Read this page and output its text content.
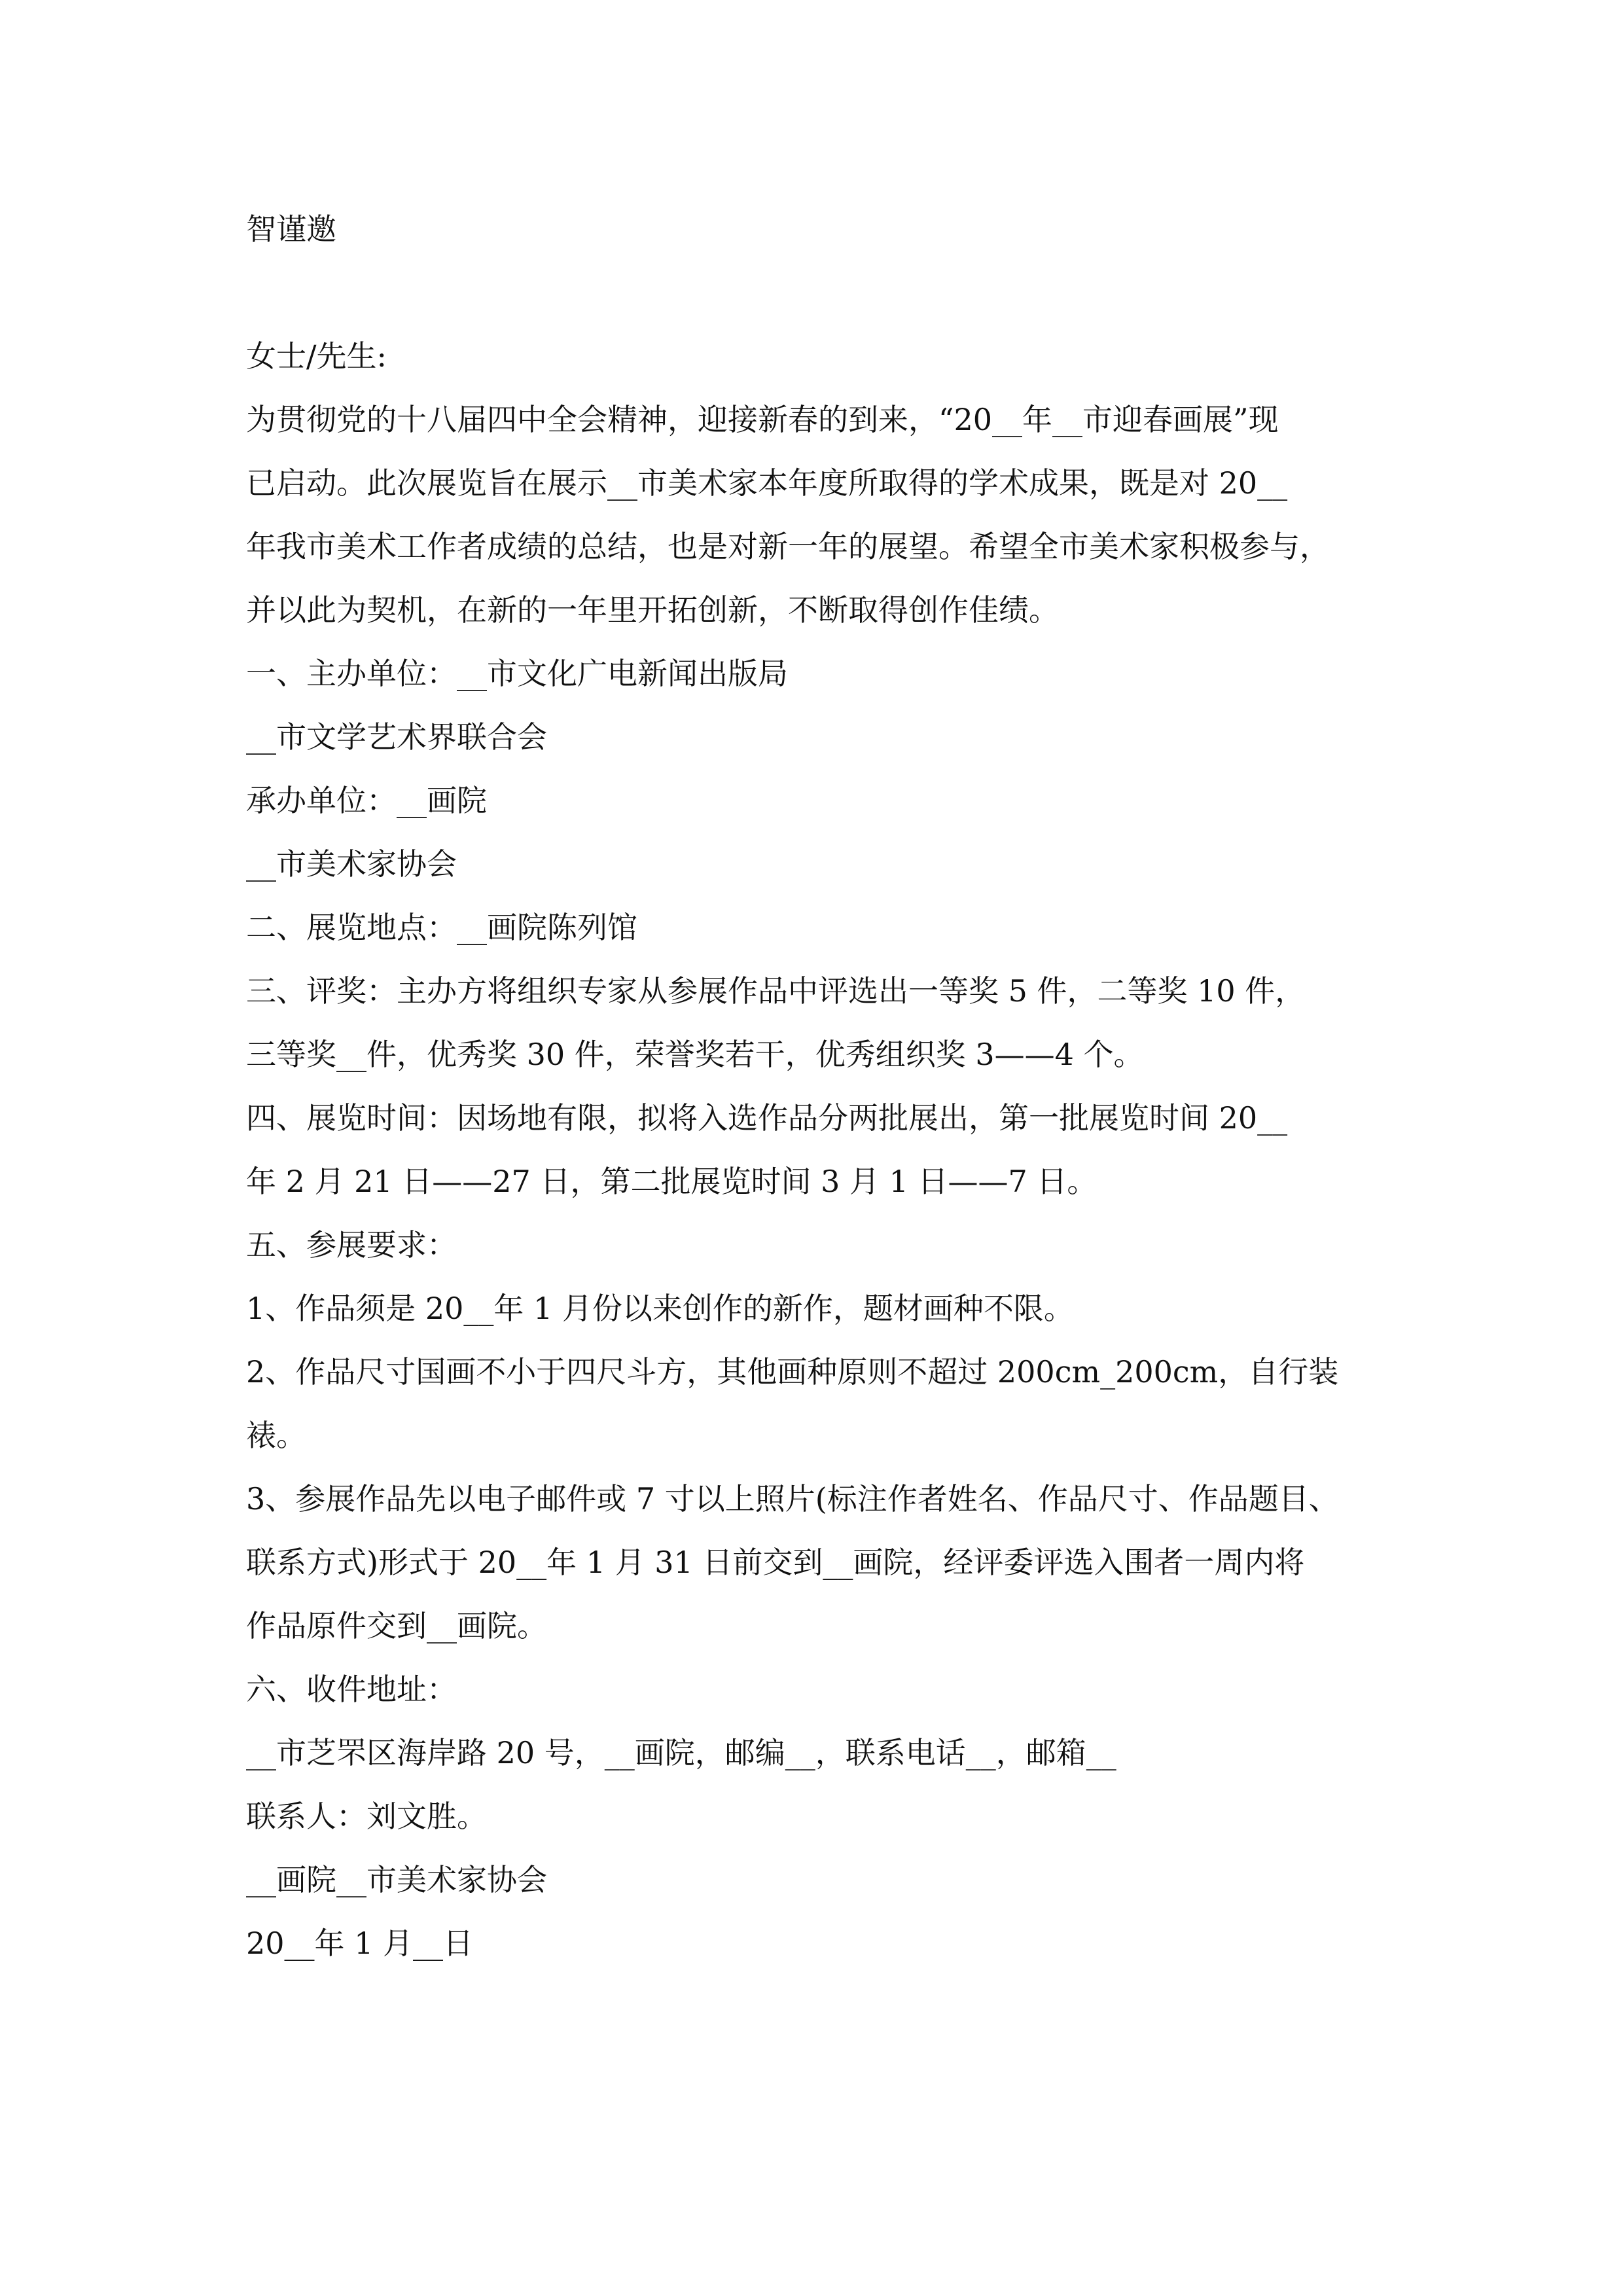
智谨邀
女士/先生:
为贯彻党的十八届四中全会精神，迎接新春的到来，“20__年__市迎春画展”现
已启动。此次展览旨在展示__市美术家本年度所取得的学术成果，既是对 20__
年我市美术工作者成绩的总结，也是对新一年的展望。希望全市美术家积极参与，
并以此为契机，在新的一年里开拓创新，不断取得创作佳绩。
一、主办单位：__市文化广电新闻出版局
__市文学艺术界联合会
承办单位：__画院
__市美术家协会
二、展览地点：__画院陈列馆
三、评奖：主办方将组织专家从参展作品中评选出一等奖 5 件，二等奖 10 件，
三等奖__件，优秀奖 30 件，荣誉奖若干，优秀组织奖 3——4 个。
四、展览时间：因场地有限，拟将入选作品分两批展出，第一批展览时间 20__
年 2 月 21 日——27 日，第二批展览时间 3 月 1 日——7 日。
五、参展要求：
1、作品须是 20__年 1 月份以来创作的新作，题材画种不限。
2、作品尺寸国画不小于四尺斗方，其他画种原则不超过 200cm_200cm，自行装
裱。
3、参展作品先以电子邮件或 7 寸以上照片(标注作者姓名、作品尺寸、作品题目、
联系方式)形式于 20__年 1 月 31 日前交到__画院，经评委评选入围者一周内将
作品原件交到__画院。
六、收件地址：
__市芝罘区海岸路 20 号，__画院，邮编__，联系电话__，邮箱__
联系人：刘文胜。
__画院__市美术家协会
20__年 1 月__日
